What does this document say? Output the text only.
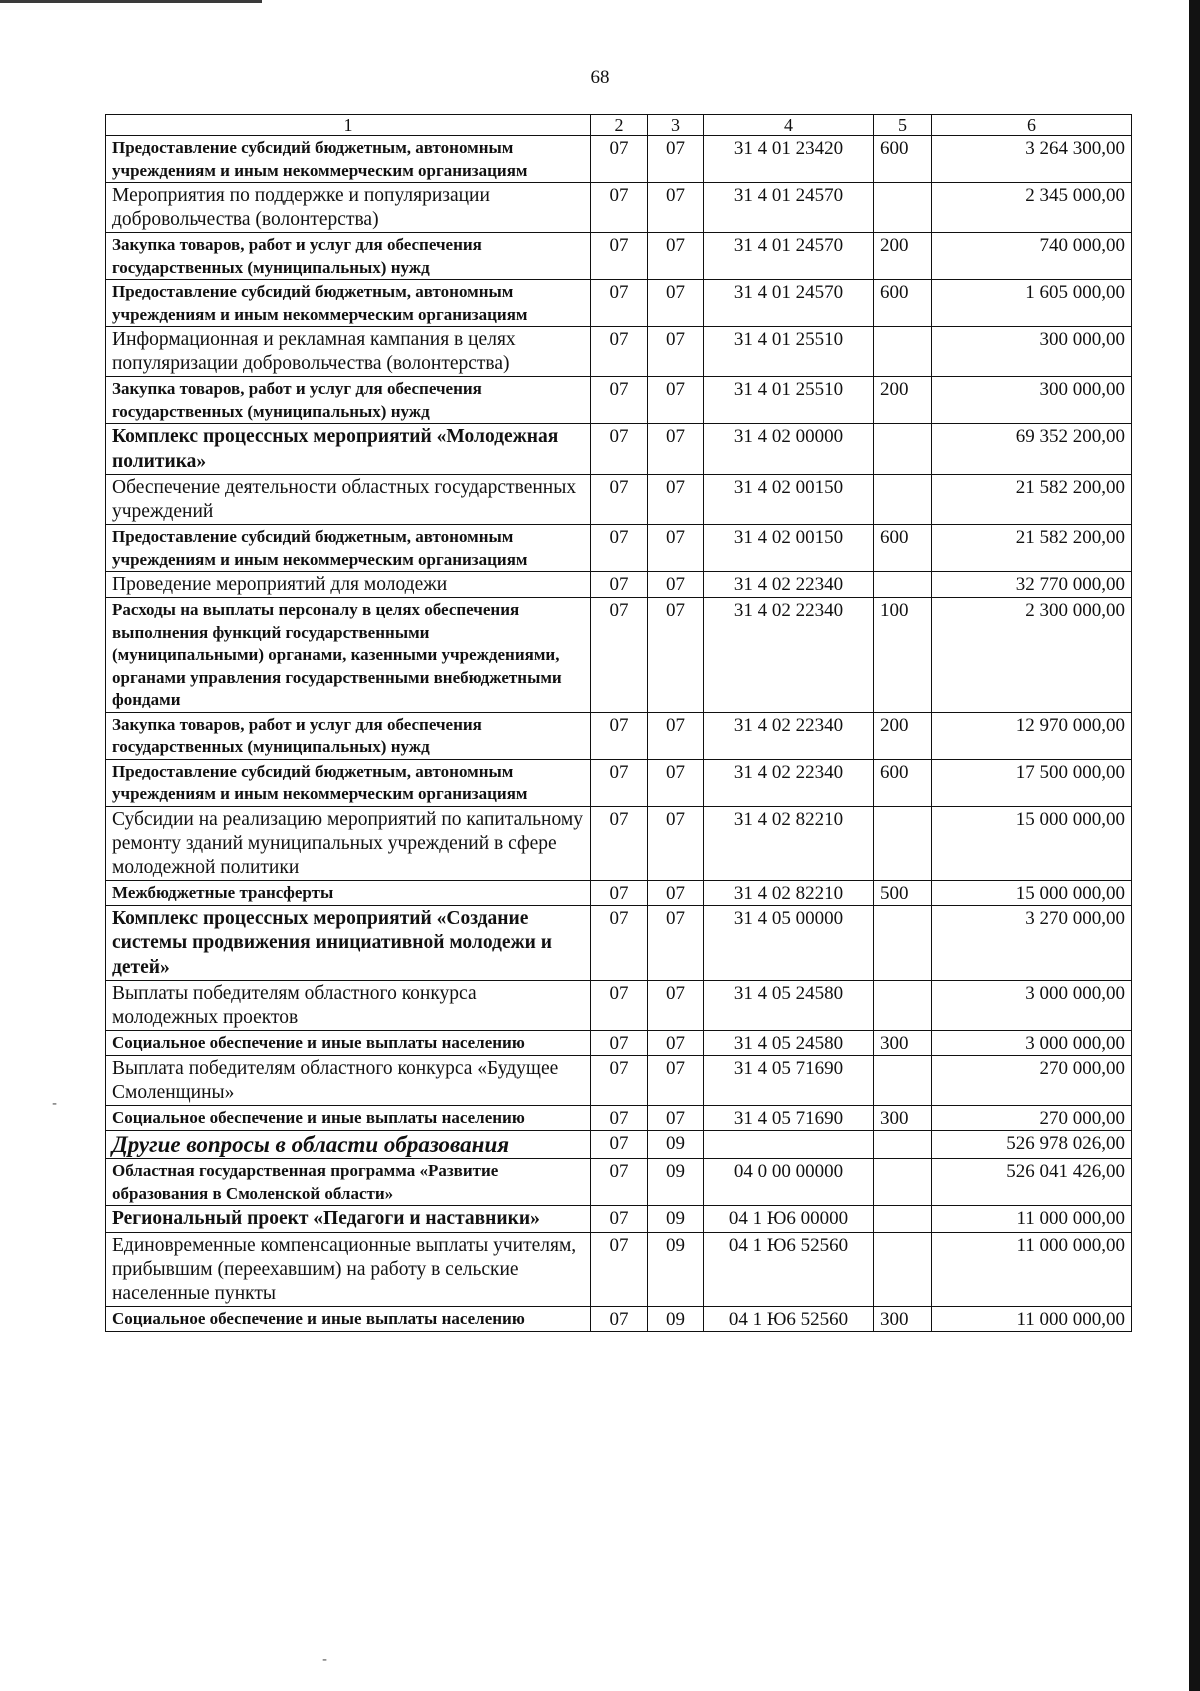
68
1	2	3	4	5	6
Предоставление субсидий бюджетным, автономным учреждениям и иным некоммерческим организациям	07	07	31 4 01 23420	600	3 264 300,00
Мероприятия по поддержке и популяризации добровольчества (волонтерства)	07	07	31 4 01 24570		2 345 000,00
Закупка товаров, работ и услуг для обеспечения государственных (муниципальных) нужд	07	07	31 4 01 24570	200	740 000,00
Предоставление субсидий бюджетным, автономным учреждениям и иным некоммерческим организациям	07	07	31 4 01 24570	600	1 605 000,00
Информационная и рекламная кампания в целях популяризации добровольчества (волонтерства)	07	07	31 4 01 25510		300 000,00
Закупка товаров, работ и услуг для обеспечения государственных (муниципальных) нужд	07	07	31 4 01 25510	200	300 000,00
Комплекс процессных мероприятий «Молодежная политика»	07	07	31 4 02 00000		69 352 200,00
Обеспечение деятельности областных государственных учреждений	07	07	31 4 02 00150		21 582 200,00
Предоставление субсидий бюджетным, автономным учреждениям и иным некоммерческим организациям	07	07	31 4 02 00150	600	21 582 200,00
Проведение мероприятий для молодежи	07	07	31 4 02 22340		32 770 000,00
Расходы на выплаты персоналу в целях обеспечения выполнения функций государственными (муниципальными) органами, казенными учреждениями, органами управления государственными внебюджетными фондами	07	07	31 4 02 22340	100	2 300 000,00
Закупка товаров, работ и услуг для обеспечения государственных (муниципальных) нужд	07	07	31 4 02 22340	200	12 970 000,00
Предоставление субсидий бюджетным, автономным учреждениям и иным некоммерческим организациям	07	07	31 4 02 22340	600	17 500 000,00
Субсидии на реализацию мероприятий по капитальному ремонту зданий муниципальных учреждений в сфере молодежной политики	07	07	31 4 02 82210		15 000 000,00
Межбюджетные трансферты	07	07	31 4 02 82210	500	15 000 000,00
Комплекс процессных мероприятий «Создание системы продвижения инициативной молодежи и детей»	07	07	31 4 05 00000		3 270 000,00
Выплаты победителям областного конкурса молодежных проектов	07	07	31 4 05 24580		3 000 000,00
Социальное обеспечение и иные выплаты населению	07	07	31 4 05 24580	300	3 000 000,00
Выплата победителям областного конкурса «Будущее Смоленщины»	07	07	31 4 05 71690		270 000,00
Социальное обеспечение и иные выплаты населению	07	07	31 4 05 71690	300	270 000,00
Другие вопросы в области образования	07	09			526 978 026,00
Областная государственная программа «Развитие образования в Смоленской области»	07	09	04 0 00 00000		526 041 426,00
Региональный проект «Педагоги и наставники»	07	09	04 1 Ю6 00000		11 000 000,00
Единовременные компенсационные выплаты учителям, прибывшим (переехавшим) на работу в сельские населенные пункты	07	09	04 1 Ю6 52560		11 000 000,00
Социальное обеспечение и иные выплаты населению	07	09	04 1 Ю6 52560	300	11 000 000,00
-
-
